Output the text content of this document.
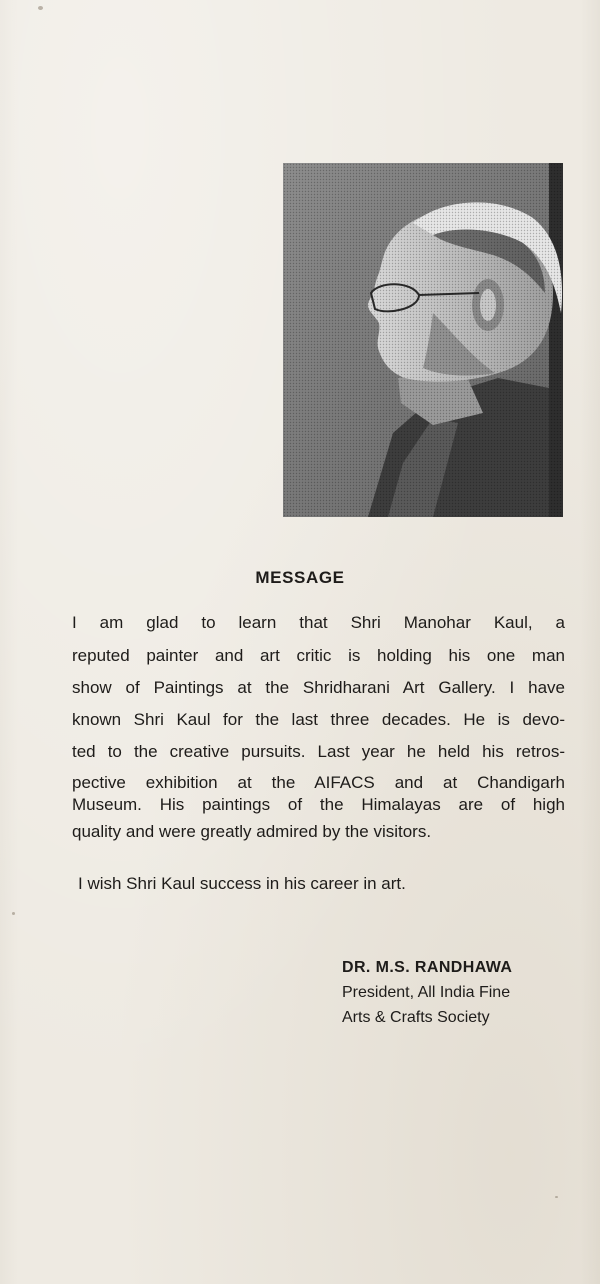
MESSAGE

I am glad to learn that Shri Manohar Kaul, a

reputed painter and art critic is holding his one man

show of Paintings at the Shridharani Art Gallery. I have

known Shri Kaul for the last three decades. He is devo-

ted to the creative pursuits. Last year he held his retros-

pective exhibition at the AIFACS and at Chandigarh

Museum. His paintings of the Himalayas are of high

quality and were greatly admired by the visitors.

I wish Shri Kaul success in his career in art.

DR. M.S. RANDHAWA

President, All India Fine

Arts & Crafts Society
